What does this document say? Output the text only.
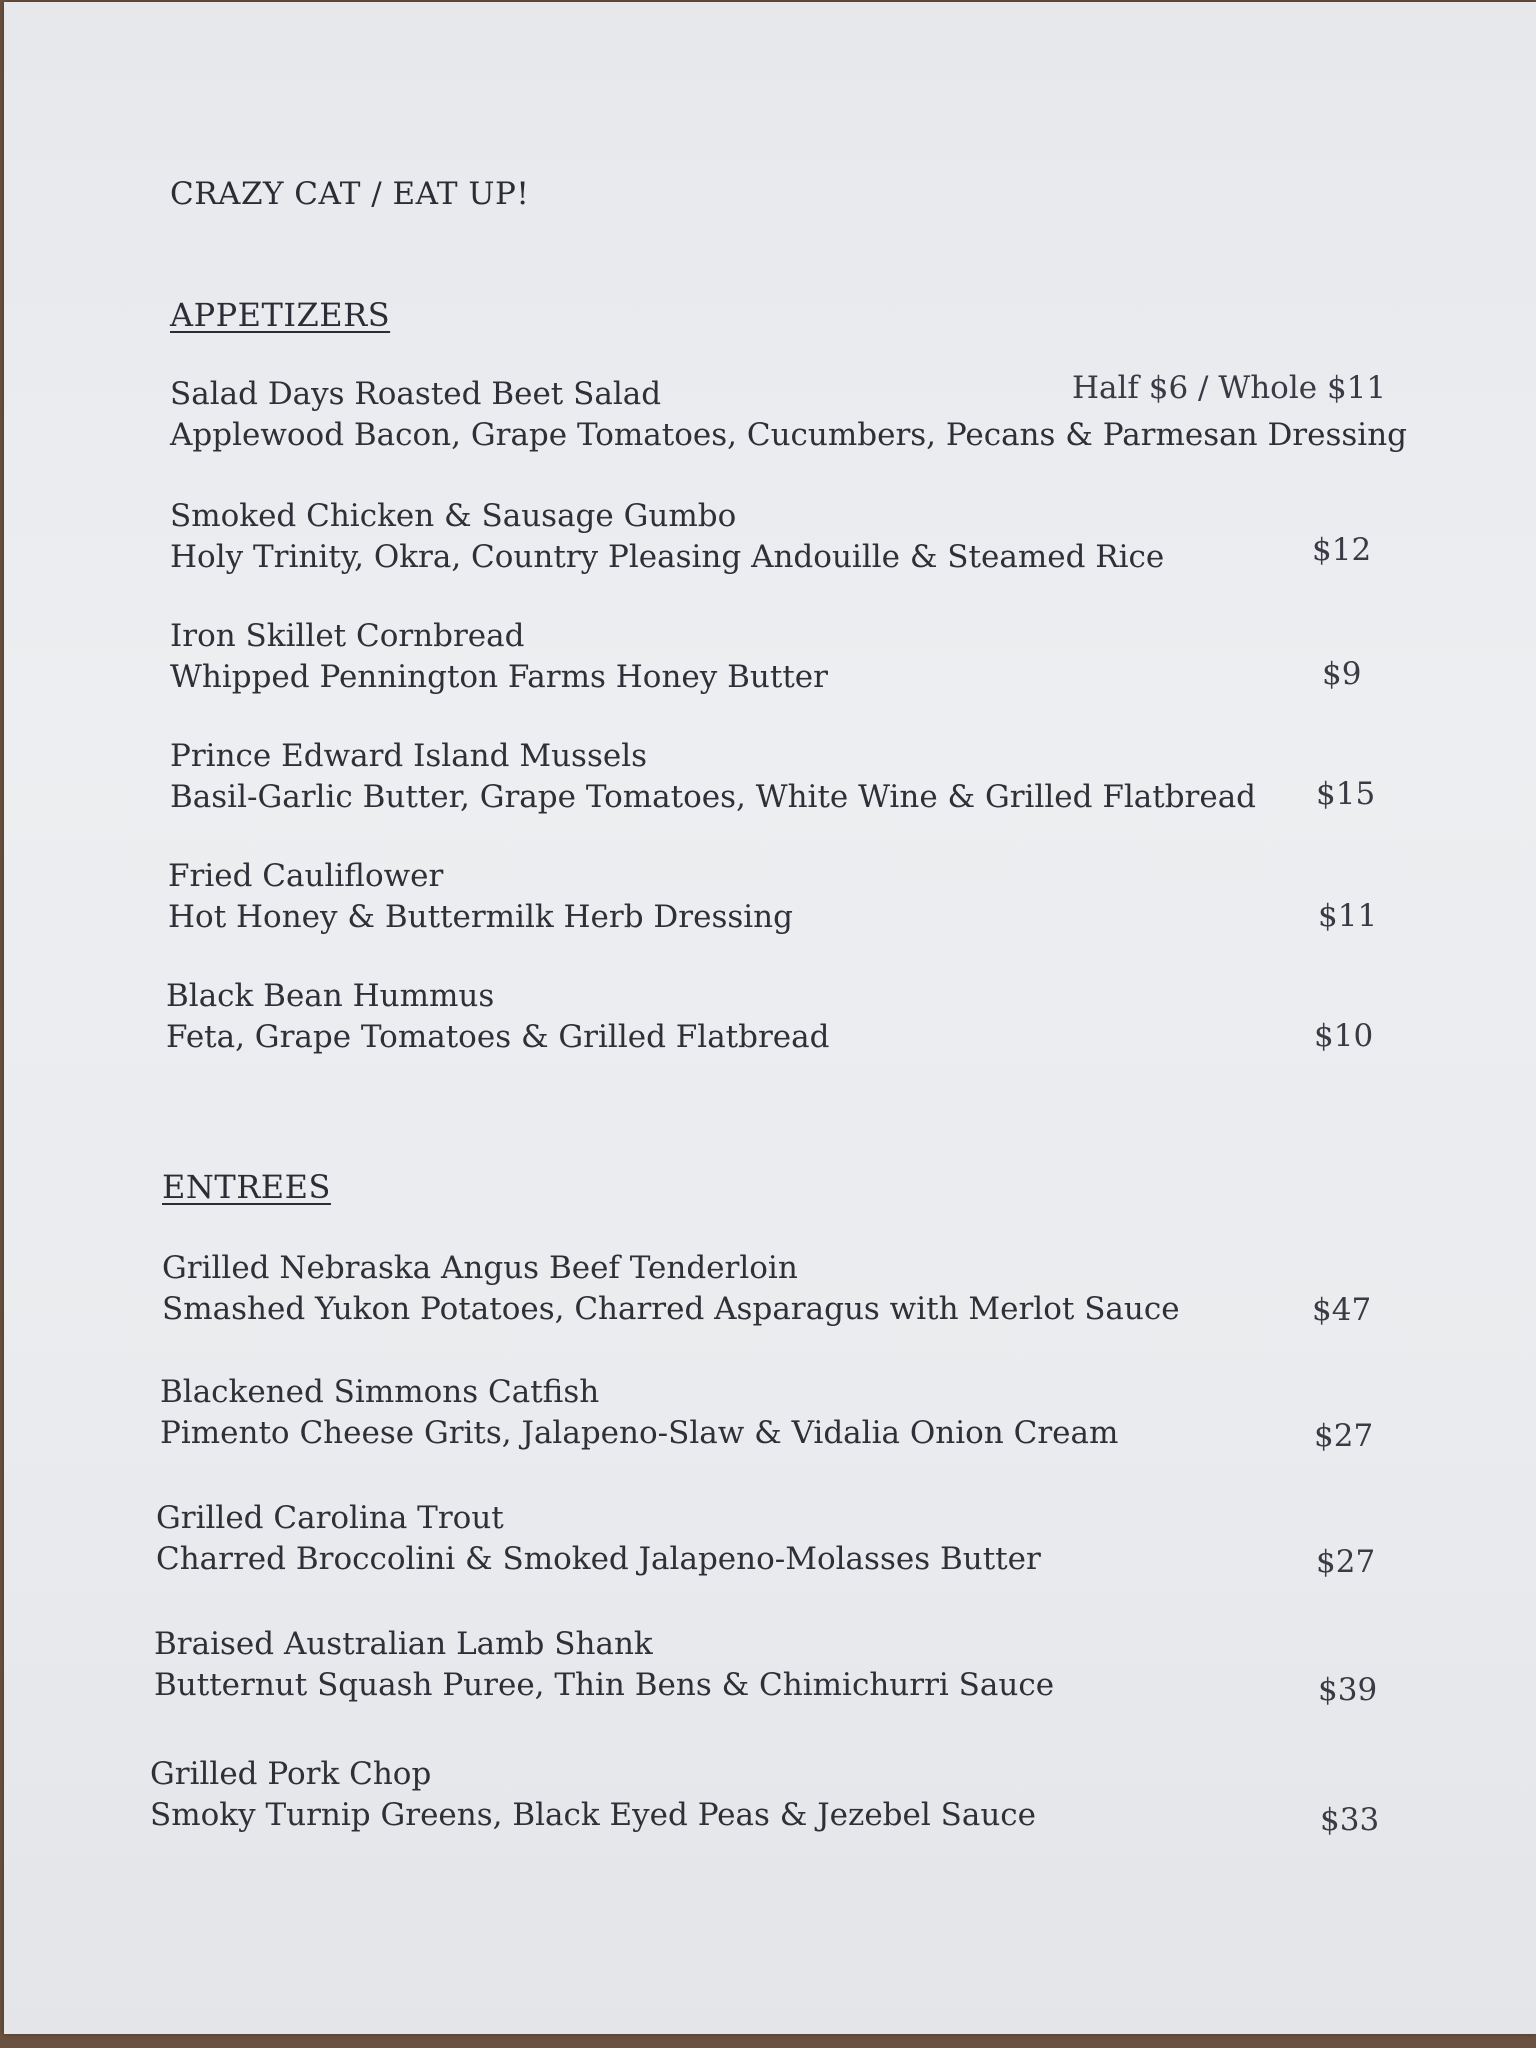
CRAZY CAT / EAT UP!
APPETIZERS
Salad Days Roasted Beet Salad
Applewood Bacon, Grape Tomatoes, Cucumbers, Pecans & Parmesan Dressing
Half $6 / Whole $11
Smoked Chicken & Sausage Gumbo
Holy Trinity, Okra, Country Pleasing Andouille & Steamed Rice	$12
Iron Skillet Cornbread
Whipped Pennington Farms Honey Butter	$9
Prince Edward Island Mussels
Basil-Garlic Butter, Grape Tomatoes, White Wine & Grilled Flatbread	$15
Fried Cauliflower
Hot Honey & Buttermilk Herb Dressing	$11
Black Bean Hummus
Feta, Grape Tomatoes & Grilled Flatbread	$10
ENTREES
Grilled Nebraska Angus Beef Tenderloin
Smashed Yukon Potatoes, Charred Asparagus with Merlot Sauce	$47
Blackened Simmons Catfish
Pimento Cheese Grits, Jalapeno-Slaw & Vidalia Onion Cream	$27
Grilled Carolina Trout
Charred Broccolini & Smoked Jalapeno-Molasses Butter	$27
Braised Australian Lamb Shank
Butternut Squash Puree, Thin Bens & Chimichurri Sauce	$39
Grilled Pork Chop
Smoky Turnip Greens, Black Eyed Peas & Jezebel Sauce	$33
